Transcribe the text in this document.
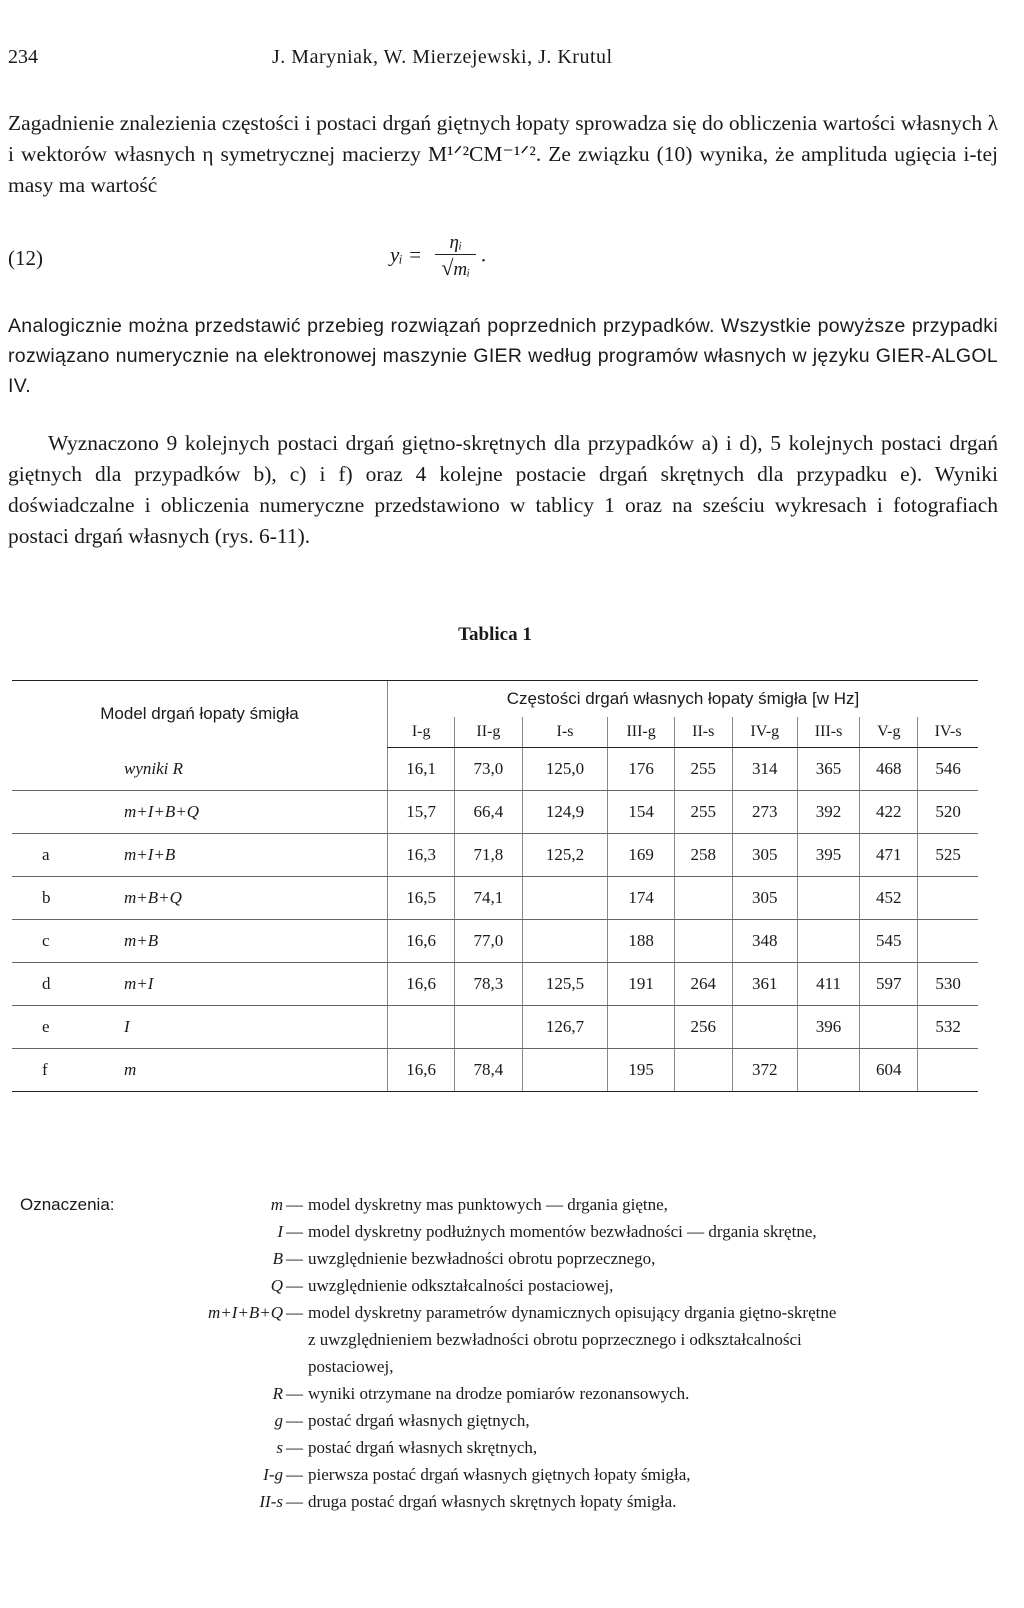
234	J. Maryniak, W. Mierzejewski, J. Krutul
Zagadnienie znalezienia częstości i postaci drgań giętnych łopaty sprowadza się do obliczenia wartości własnych λ i wektorów własnych η symetrycznej macierzy M¹ᐟ²CM⁻¹ᐟ². Ze związku (10) wynika, że amplituda ugięcia i-tej masy ma wartość
(12)	yᵢ = $\frac{\text{ηᵢ}}{\text{√mᵢ}}$ .
Analogicznie można przedstawić przebieg rozwiązań poprzednich przypadków. Wszystkie powyższe przypadki rozwiązano numerycznie na elektronowej maszynie GIER według programów własnych w języku GIER-ALGOL IV.
Wyznaczono 9 kolejnych postaci drgań giętno-skrętnych dla przypadków a) i d), 5 kolejnych postaci drgań giętnych dla przypadków b), c) i f) oraz 4 kolejne postacie drgań skrętnych dla przypadku e). Wyniki doświadczalne i obliczenia numeryczne przedstawiono w tablicy 1 oraz na sześciu wykresach i fotografiach postaci drgań własnych (rys. 6-11).
Tablica 1
Model drgań łopaty śmigła		Częstości drgań własnych łopaty śmigła [w Hz]								
		I-g	II-g	I-s	III-g	II-s	IV-g	III-s	V-g	IV-s
	wyniki R	16,1	73,0	125,0	176	255	314	365	468	546
	m+I+B+Q	15,7	66,4	124,9	154	255	273	392	422	520
a	m+I+B	16,3	71,8	125,2	169	258	305	395	471	525
b	m+B+Q	16,5	74,1		174		305		452	
c	m+B	16,6	77,0		188		348		545	
d	m+I	16,6	78,3	125,5	191	264	361	411	597	530
e	I			126,7		256		396		532
f	m	16,6	78,4		195		372		604	
Oznaczenia:	m — model dyskretny mas punktowych — drgania giętne,
I — model dyskretny podłużnych momentów bezwładności — drgania skrętne,
B — uwzględnienie bezwładności obrotu poprzecznego,
Q — uwzględnienie odkształcalności postaciowej,
m+I+B+Q — model dyskretny parametrów dynamicznych opisujący drgania giętno-skrętne
z uwzględnieniem bezwładności obrotu poprzecznego i odkształcalności
postaciowej,
R — wyniki otrzymane na drodze pomiarów rezonansowych.
g — postać drgań własnych giętnych,
s — postać drgań własnych skrętnych,
I-g — pierwsza postać drgań własnych giętnych łopaty śmigła,
II-s — druga postać drgań własnych skrętnych łopaty śmigła.
